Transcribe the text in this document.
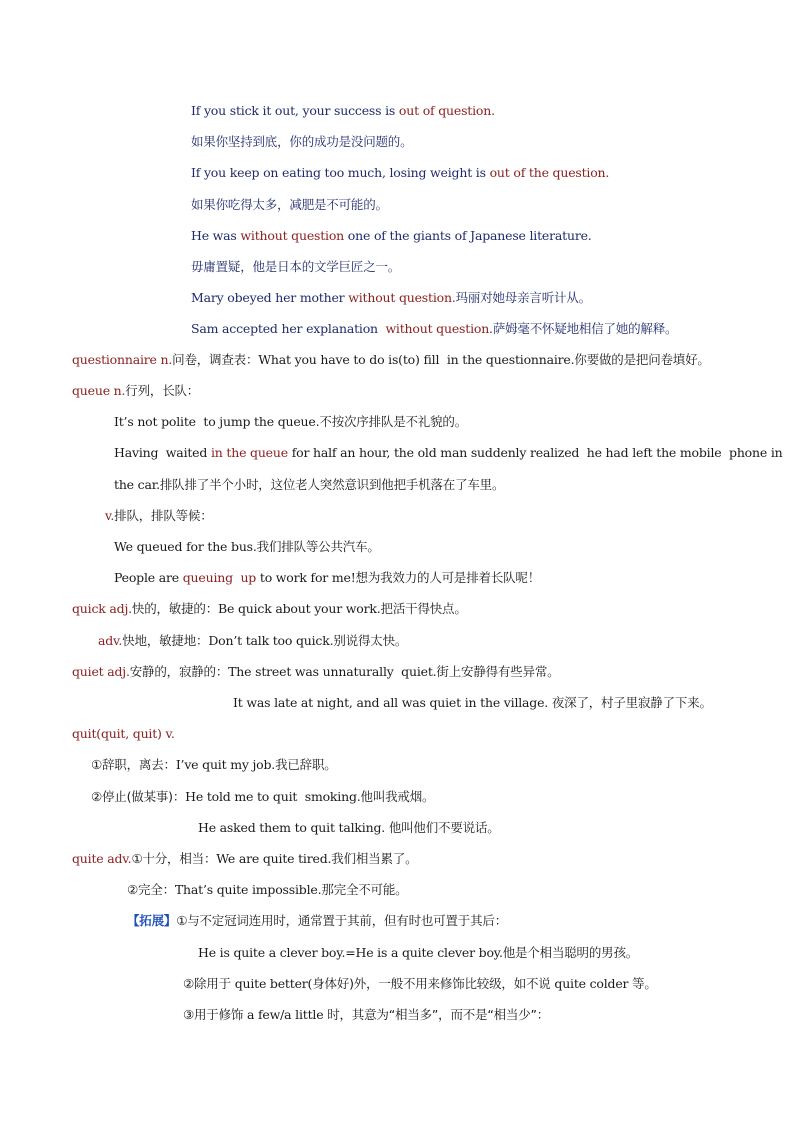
If you stick it out, your success is out of question.
如果你坚持到底，你的成功是没问题的。
If you keep on eating too much, losing weight is out of the question.
如果你吃得太多，减肥是不可能的。
He was without question one of the giants of Japanese literature.
毋庸置疑，他是日本的文学巨匠之一。
Mary obeyed her mother without question.玛丽对她母亲言听计从。
Sam accepted her explanation  without question.萨姆毫不怀疑地相信了她的解释。
questionnaire n.问卷，调查表：What you have to do is(to) fill  in the questionnaire.你要做的是把问卷填好。
queue n.行列，长队：
It’s not polite  to jump the queue.不按次序排队是不礼貌的。
Having  waited in the queue for half an hour, the old man suddenly realized  he had left the mobile  phone in
the car.排队排了半个小时，这位老人突然意识到他把手机落在了车里。
v.排队，排队等候：
We queued for the bus.我们排队等公共汽车。
People are queuing  up to work for me!想为我效力的人可是排着长队呢！
quick adj.快的，敏捷的：Be quick about your work.把活干得快点。
adv.快地，敏捷地：Don’t talk too quick.别说得太快。
quiet adj.安静的，寂静的：The street was unnaturally  quiet.街上安静得有些异常。
It was late at night, and all was quiet in the village. 夜深了，村子里寂静了下来。
quit(quit, quit) v.
①辞职，离去：I’ve quit my job.我已辞职。
②停止(做某事)：He told me to quit  smoking.他叫我戒烟。
He asked them to quit talking. 他叫他们不要说话。
quite adv.①十分，相当：We are quite tired.我们相当累了。
②完全：That’s quite impossible.那完全不可能。
【拓展】①与不定冠词连用时，通常置于其前，但有时也可置于其后：
He is quite a clever boy.=He is a quite clever boy.他是个相当聪明的男孩。
②除用于 quite better(身体好)外，一般不用来修饰比较级，如不说 quite colder 等。
③用于修饰 a few/a little 时，其意为“相当多”，而不是“相当少”：
